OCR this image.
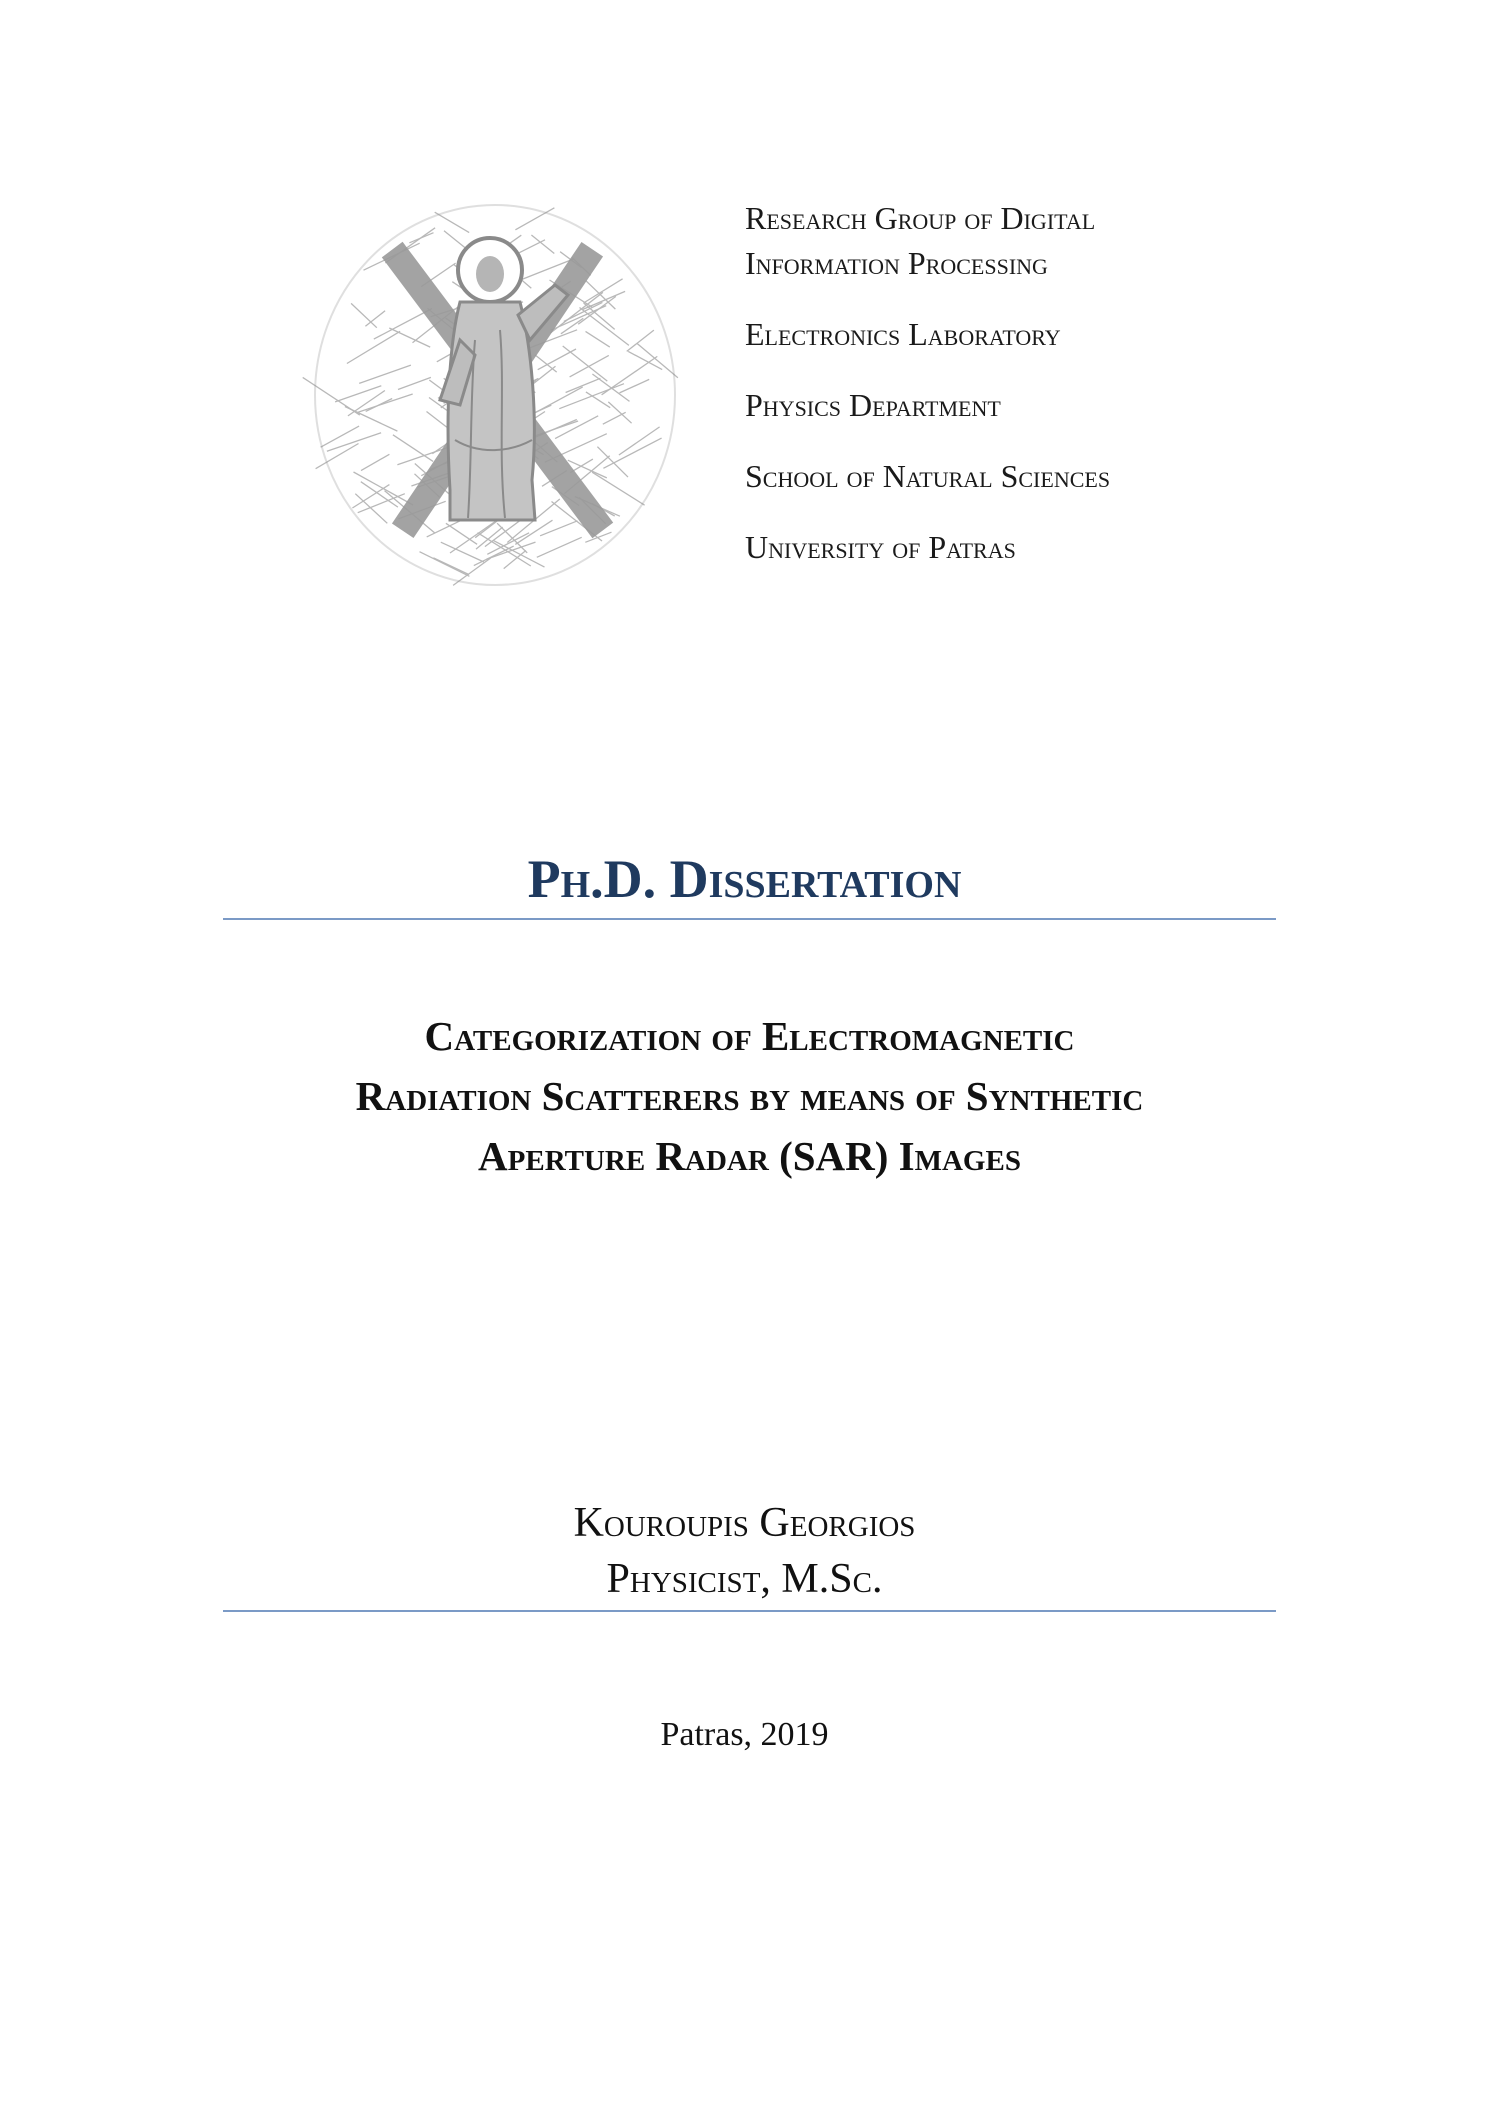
Research Group of Digital
Information Processing
Electronics Laboratory
Physics Department
School of Natural Sciences
University of Patras
Ph.D. Dissertation
Categorization of Electromagnetic
Radiation Scatterers by means of Synthetic
Aperture Radar (SAR) Images
Kouroupis Georgios
Physicist, M.Sc.
Patras, 2019
